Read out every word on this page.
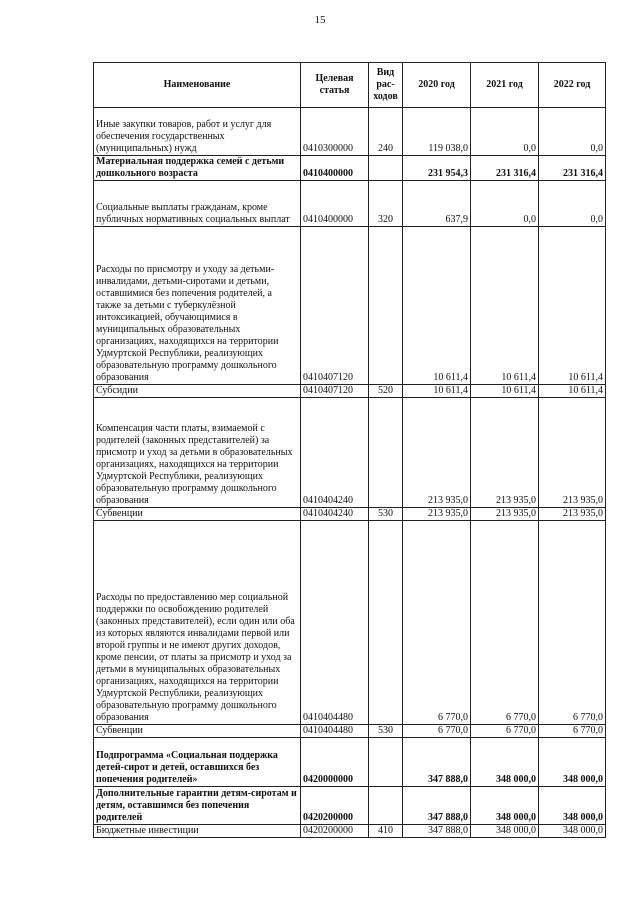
15
Наименование	Целевая статья	Вид рас-ходов	2020 год	2021 год	2022 год
Иные закупки товаров, работ и услуг для обеспечения государственных (муниципальных) нужд	0410300000	240	119 038,0	0,0	0,0
Материальная поддержка семей с детьми дошкольного возраста	0410400000		231 954,3	231 316,4	231 316,4
Социальные выплаты гражданам, кроме публичных нормативных социальных выплат	0410400000	320	637,9	0,0	0,0
Расходы по присмотру и уходу за детьми-инвалидами, детьми-сиротами и детьми, оставшимися без попечения родителей, а также за детьми с туберкулёзной интоксикацией, обучающимися в муниципальных образовательных организациях, находящихся на территории Удмуртской Республики, реализующих образовательную программу дошкольного образования	0410407120		10 611,4	10 611,4	10 611,4
Субсидии	0410407120	520	10 611,4	10 611,4	10 611,4
Компенсация части платы, взимаемой с родителей (законных представителей) за присмотр и уход за детьми в образовательных организациях, находящихся на территории Удмуртской Республики, реализующих образовательную программу дошкольного образования	0410404240		213 935,0	213 935,0	213 935,0
Субвенции	0410404240	530	213 935,0	213 935,0	213 935,0
Расходы по предоставлению мер социальной поддержки по освобождению родителей (законных представителей), если один или оба из которых являются инвалидами первой или второй группы и не имеют других доходов, кроме пенсии, от платы за присмотр и уход за детьми в муниципальных образовательных организациях, находящихся на территории Удмуртской Республики, реализующих образовательную программу дошкольного образования	0410404480		6 770,0	6 770,0	6 770,0
Субвенции	0410404480	530	6 770,0	6 770,0	6 770,0
Подпрограмма «Социальная поддержка детей-сирот и детей, оставшихся без попечения родителей»	0420000000		347 888,0	348 000,0	348 000,0
Дополнительные гарантии детям-сиротам и детям, оставшимся без попечения родителей	0420200000		347 888,0	348 000,0	348 000,0
Бюджетные инвестиции	0420200000	410	347 888,0	348 000,0	348 000,0
